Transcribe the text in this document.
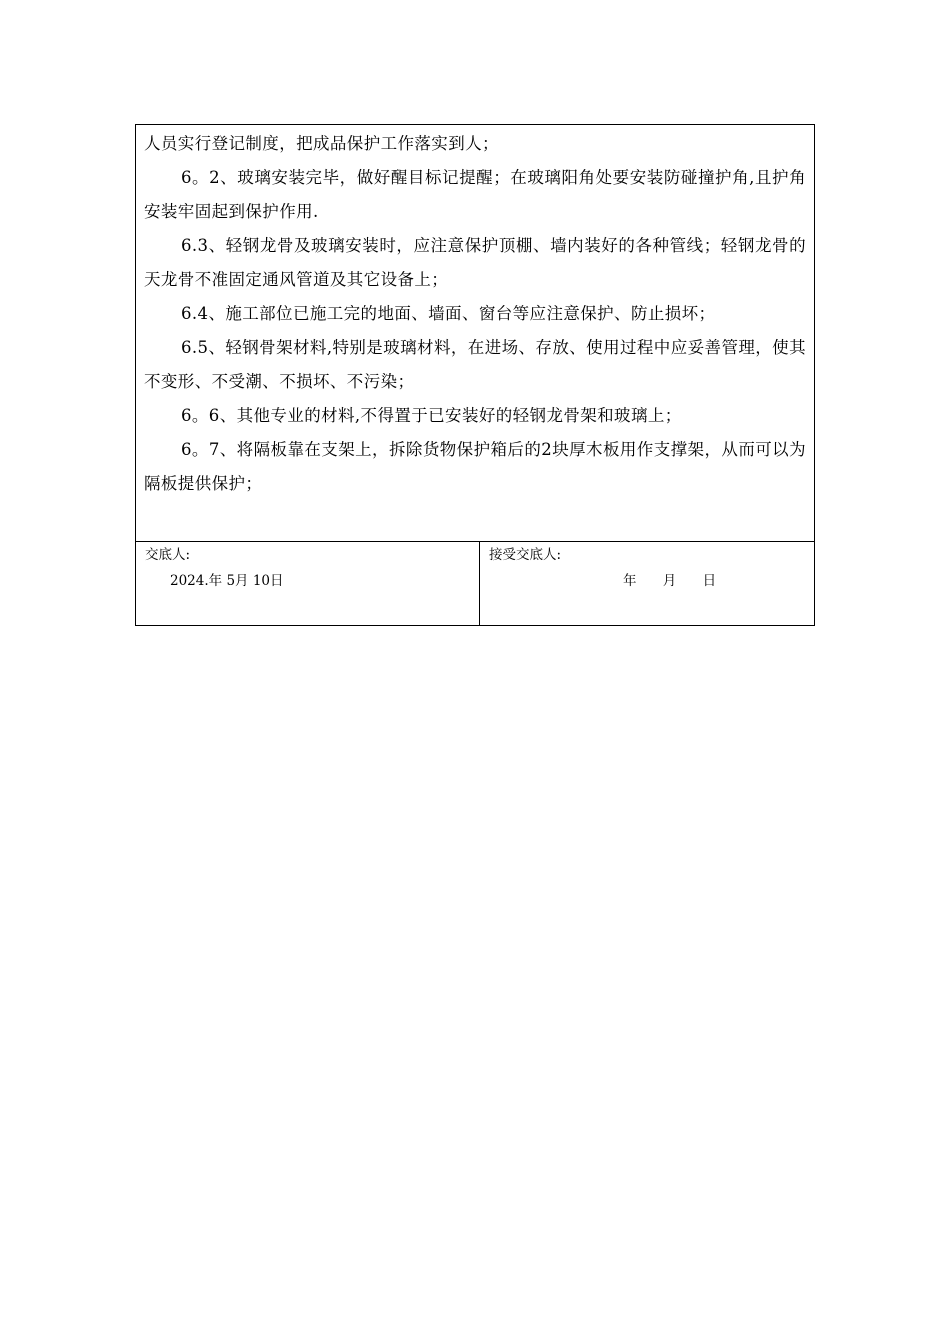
人员实行登记制度，把成品保护工作落实到人；

6。2、玻璃安装完毕，做好醒目标记提醒；在玻璃阳角处要安装防碰撞护角,且护角安装牢固起到保护作用.

6.3、轻钢龙骨及玻璃安装时，应注意保护顶棚、墙内装好的各种管线；轻钢龙骨的天龙骨不准固定通风管道及其它设备上；

6.4、施工部位已施工完的地面、墙面、窗台等应注意保护、防止损坏；

6.5、轻钢骨架材料,特别是玻璃材料，在进场、存放、使用过程中应妥善管理，使其不变形、不受潮、不损坏、不污染；

6。6、其他专业的材料,不得置于已安装好的轻钢龙骨架和玻璃上；

6。7、将隔板靠在支架上，拆除货物保护箱后的2块厚木板用作支撑架，从而可以为隔板提供保护；

交底人:
2024.年 5月 10日
接受交底人:
年 月 日
